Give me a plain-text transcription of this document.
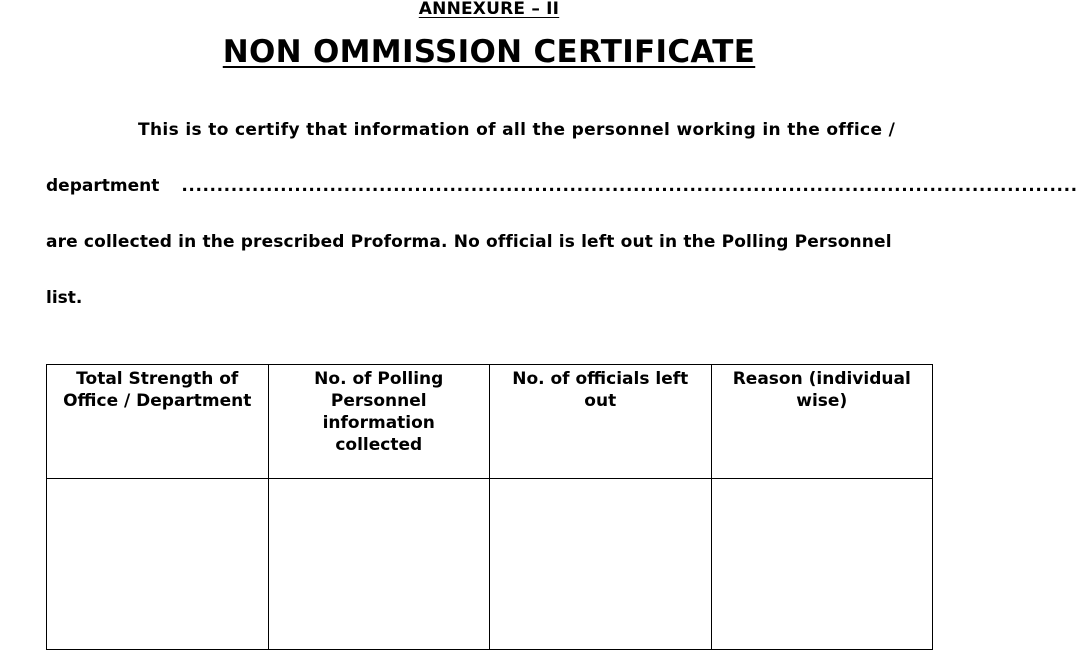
ANNEXURE – II
NON OMMISSION CERTIFICATE
This is to certify that information of all the personnel working in the office /
department ...............................................................................................................................
are collected in the prescribed Proforma. No official is left out in the Polling Personnel
list.
Total Strength of Office / Department	No. of Polling Personnel information collected	No. of officials left out	Reason (individual wise)
